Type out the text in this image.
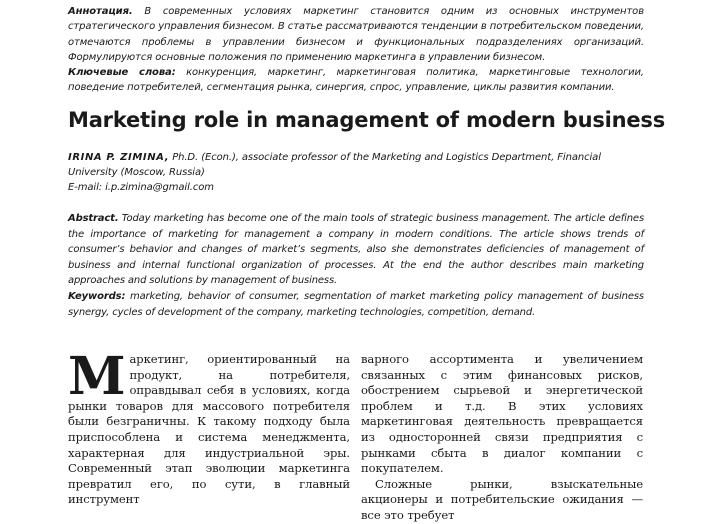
Аннотация. В современных условиях маркетинг становится одним из основных инструментов стратегического управления бизнесом. В статье рассматриваются тенденции в потребительском поведении, отмечаются проблемы в управлении бизнесом и функциональных подразделениях организаций. Формулируются основные положения по применению маркетинга в управлении бизнесом.
Ключевые слова: конкуренция, маркетинг, маркетинговая политика, маркетинговые технологии, поведение потребителей, сегментация рынка, синергия, спрос, управление, циклы развития компании.
Marketing role in management of modern business
IRINA P. ZIMINA, Ph.D. (Econ.), associate professor of the Marketing and Logistics Department, Financial University (Moscow, Russia)
E-mail: i.p.zimina@gmail.com
Abstract. Today marketing has become one of the main tools of strategic business management. The article defines the importance of marketing for management a company in modern conditions. The article shows trends of consumer’s behavior and changes of market’s segments, also she demonstrates deficiencies of management of business and internal functional organization of processes. At the end the author describes main marketing approaches and solutions by management of business.
Keywords: marketing, behavior of consumer, segmentation of market marketing policy management of business synergy, cycles of development of the company, marketing technologies, competition, demand.

Маркетинг, ориентированный на продукт, на потребителя, оправдывал себя в условиях, когда рынки товаров для массового потребителя были безграничны. К такому подходу была приспособлена и система менеджмента, характерная для индустриальной эры. Современный этап эволюции маркетинга превратил его, по сути, в главный инструмент

варного ассортимента и увеличением связанных с этим финансовых рисков, обострением сырьевой и энергетической проблем и т.д. В этих условиях маркетинговая деятельность превращается из односторонней связи предприятия с рынками сбыта в диалог компании с покупателем.

Сложные рынки, взыскательные акционеры и потребительские ожидания — все это требует
